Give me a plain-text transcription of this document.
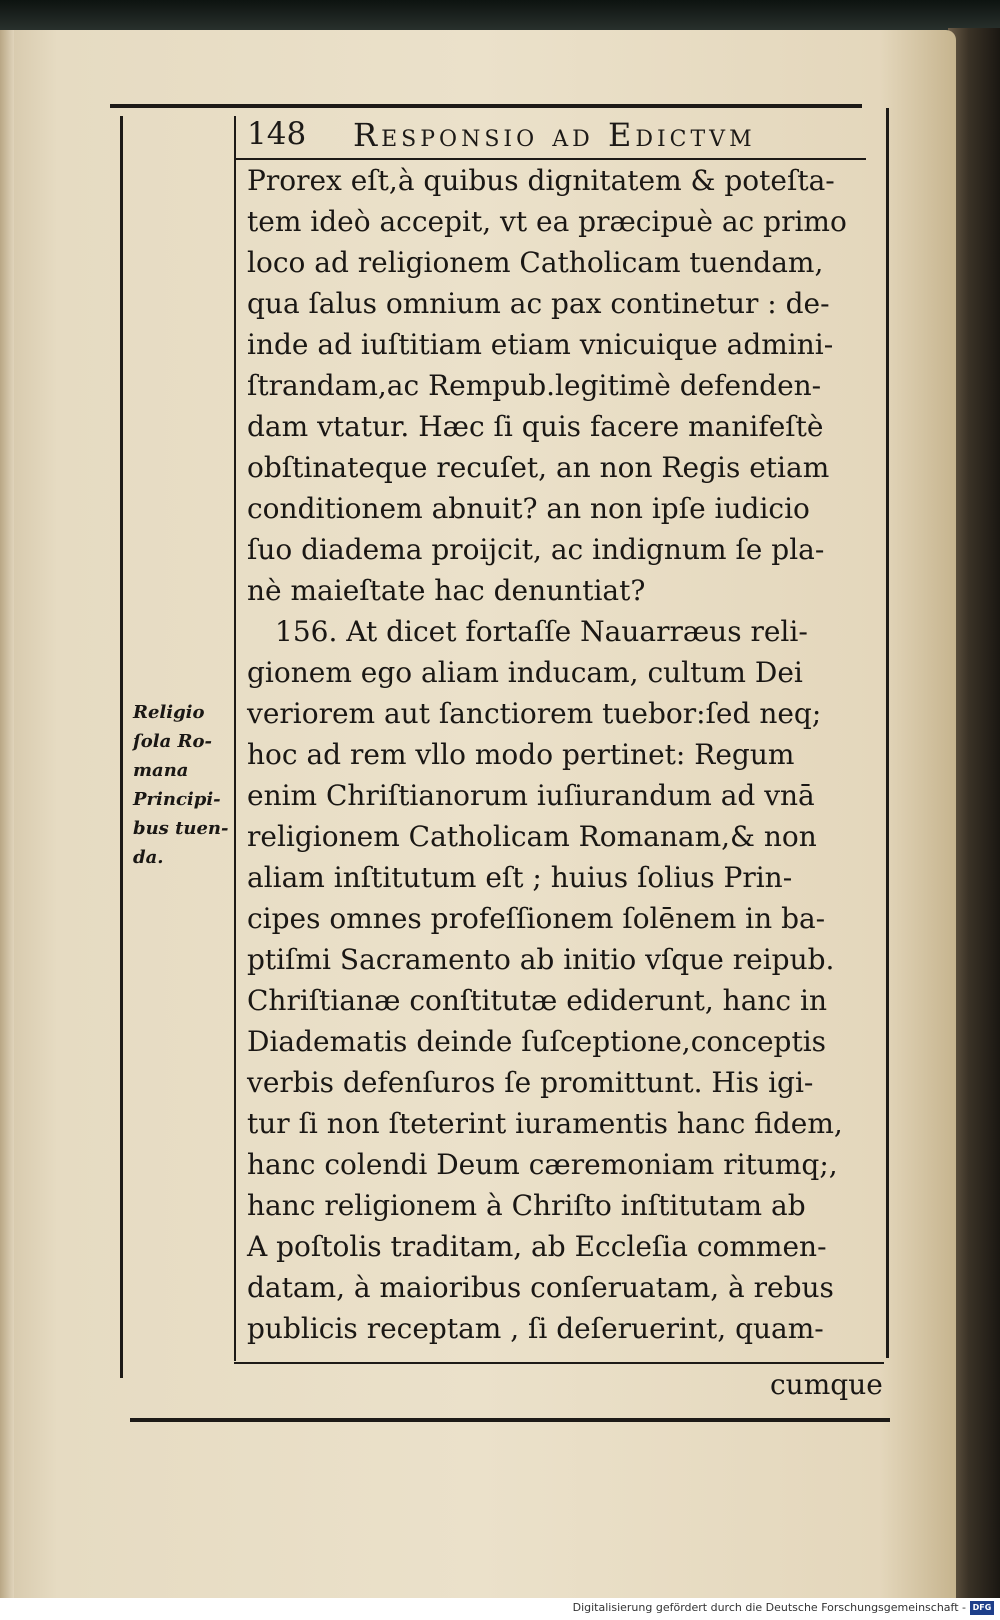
148 Responsio ad Edictvm
Prorex eſt,à quibus dignitatem & poteſta-
tem ideò accepit, vt ea præcipuè ac primo
loco ad religionem Catholicam tuendam,
qua ſalus omnium ac pax continetur : de-
inde ad iuſtitiam etiam vnicuique admini-
ſtrandam,ac Rempub.legitimè defenden-
dam vtatur. Hæc ſi quis facere manifeſtè
obſtinateque recuſet, an non Regis etiam
conditionem abnuit? an non ipſe iudicio
ſuo diadema proijcit, ac indignum ſe pla-
nè maieſtate hac denuntiat?
156. At dicet fortaſſe Nauarræus reli-
gionem ego aliam inducam, cultum Dei
veriorem aut ſanctiorem tuebor:ſed neq;
hoc ad rem vllo modo pertinet: Regum
enim Chriſtianorum iuſiurandum ad vnā
religionem Catholicam Romanam,& non
aliam inſtitutum eſt ; huius ſolius Prin-
cipes omnes profeſſionem ſolēnem in ba-
ptiſmi Sacramento ab initio vſque reipub.
Chriſtianæ conſtitutæ ediderunt, hanc in
Diadematis deinde ſuſceptione,conceptis
verbis defenſuros ſe promittunt. His igi-
tur ſi non ſteterint iuramentis hanc fidem,
hanc colendi Deum cæremoniam ritumq;,
hanc religionem à Chriſto inſtitutam ab
A poſtolis traditam, ab Eccleſia commen-
datam, à maioribus conſeruatam, à rebus
publicis receptam , ſi deſeruerint, quam-
Religio
ſola Ro-
mana
Principi-
bus tuen-
da.
cumque
Digitalisierung gefördert durch die Deutsche Forschungsgemeinschaft - DFG
